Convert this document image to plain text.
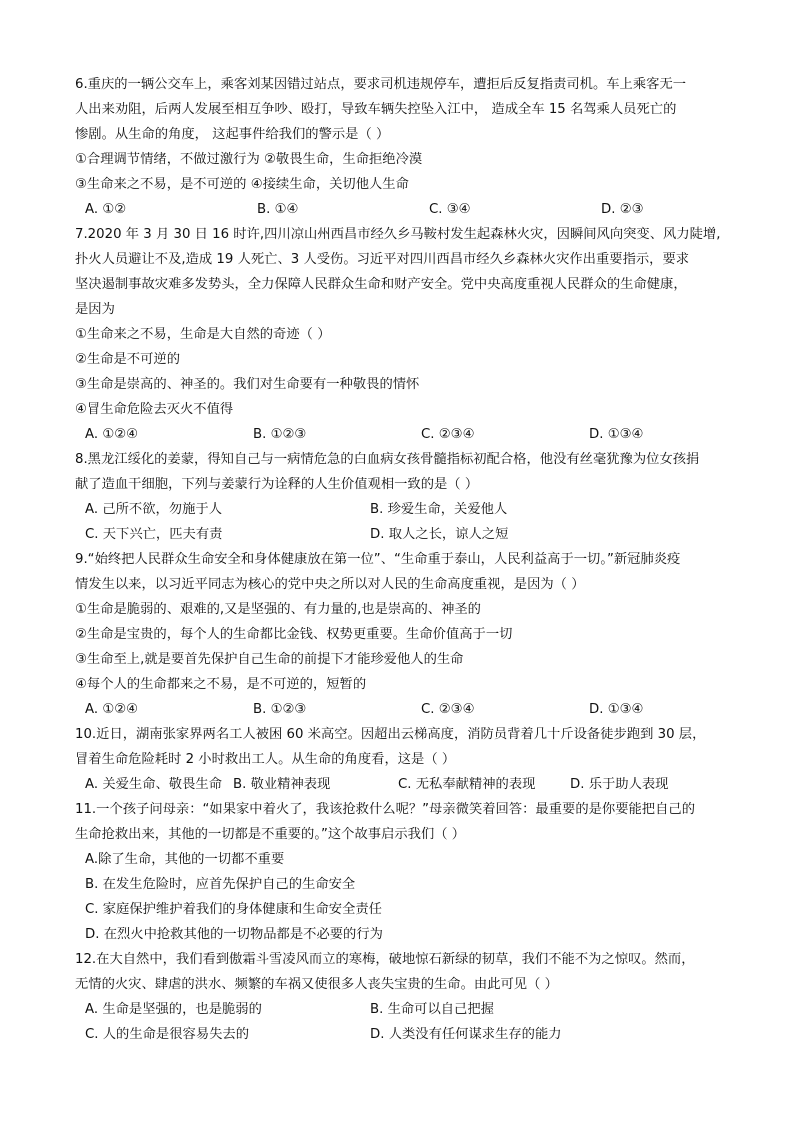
6.重庆的一辆公交车上，乘客刘某因错过站点，要求司机违规停车，遭拒后反复指责司机。车上乘客无一
人出来劝阻，后两人发展至相互争吵、殴打，导致车辆失控坠入江中， 造成全车 15 名驾乘人员死亡的
惨剧。从生命的角度， 这起事件给我们的警示是（ ）
①合理调节情绪，不做过激行为 ②敬畏生命，生命拒绝冷漠
③生命来之不易，是不可逆的 ④接续生命，关切他人生命
A. ①②	B. ①④	C. ③④	D. ②③
7.2020 年 3 月 30 日 16 时许,四川凉山州西昌市经久乡马鞍村发生起森林火灾，因瞬间风向突变、风力陡增,
扑火人员避让不及,造成 19 人死亡、3 人受伤。习近平对四川西昌市经久乡森林火灾作出重要指示，要求
坚决遏制事故灾难多发势头，全力保障人民群众生命和财产安全。党中央高度重视人民群众的生命健康，
是因为
①生命来之不易，生命是大自然的奇迹（ ）
②生命是不可逆的
③生命是崇高的、神圣的。我们对生命要有一种敬畏的情怀
④冒生命危险去灭火不值得
A. ①②④	B. ①②③	C. ②③④	D. ①③④
8.黑龙江绥化的姜蒙，得知自己与一病情危急的白血病女孩骨髓指标初配合格，他没有丝毫犹豫为位女孩捐
献了造血干细胞，下列与姜蒙行为诠释的人生价值观相一致的是（ ）
A. 己所不欲，勿施于人	B. 珍爱生命，关爱他人
C. 天下兴亡，匹夫有责	D. 取人之长，谅人之短
9.“始终把人民群众生命安全和身体健康放在第一位”、“生命重于泰山，人民利益高于一切。”新冠肺炎疫
情发生以来，以习近平同志为核心的党中央之所以对人民的生命高度重视，是因为（ ）
①生命是脆弱的、艰难的,又是坚强的、有力量的,也是崇高的、神圣的
②生命是宝贵的，每个人的生命都比金钱、权势更重要。生命价值高于一切
③生命至上,就是要首先保护自己生命的前提下才能珍爱他人的生命
④每个人的生命都来之不易，是不可逆的，短暂的
A. ①②④	B. ①②③	C. ②③④	D. ①③④
10.近日，湖南张家界两名工人被困 60 米高空。因超出云梯高度，消防员背着几十斤设备徒步跑到 30 层，
冒着生命危险耗时 2 小时救出工人。从生命的角度看，这是（ ）
A. 关爱生命、敬畏生命 B. 敬业精神表现	C. 无私奉献精神的表现	D. 乐于助人表现
11.一个孩子问母亲：“如果家中着火了，我该抢救什么呢？”母亲微笑着回答：最重要的是你要能把自己的
生命抢救出来，其他的一切都是不重要的。”这个故事启示我们（ ）
A.除了生命，其他的一切都不重要
B. 在发生危险时，应首先保护自己的生命安全
C. 家庭保护维护着我们的身体健康和生命安全责任
D. 在烈火中抢救其他的一切物品都是不必要的行为
12.在大自然中，我们看到傲霜斗雪凌风而立的寒梅，破地惊石新绿的韧草，我们不能不为之惊叹。然而，
无情的火灾、肆虐的洪水、频繁的车祸又使很多人丧失宝贵的生命。由此可见（ ）
A. 生命是坚强的，也是脆弱的	B. 生命可以自己把握
C. 人的生命是很容易失去的	D. 人类没有任何谋求生存的能力
